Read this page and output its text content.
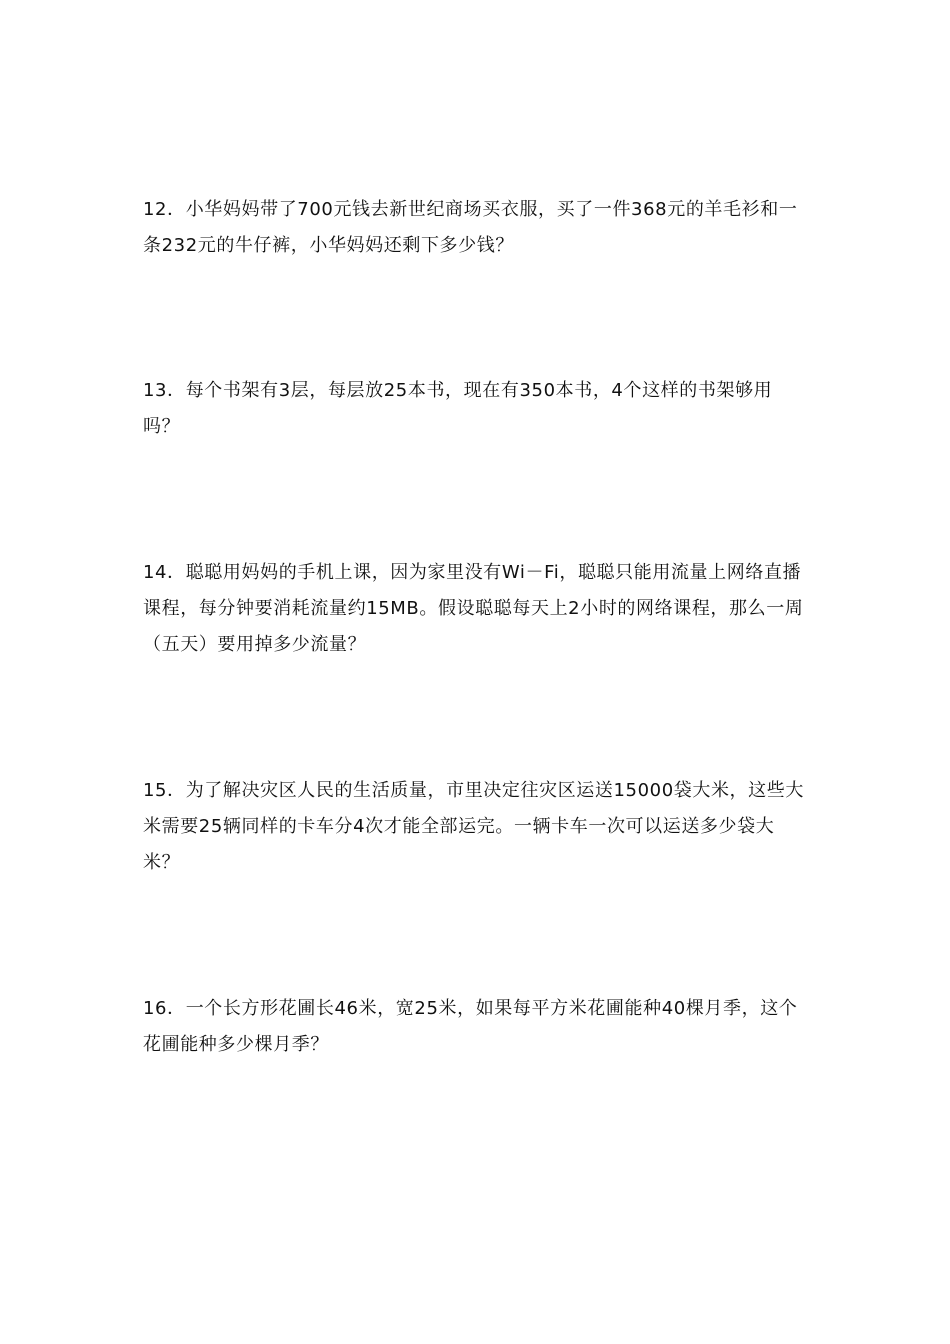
12．小华妈妈带了700元钱去新世纪商场买衣服，买了一件368元的羊毛衫和一条232元的牛仔裤，小华妈妈还剩下多少钱？

13．每个书架有3层，每层放25本书，现在有350本书，4个这样的书架够用吗？

14．聪聪用妈妈的手机上课，因为家里没有Wi－Fi，聪聪只能用流量上网络直播课程，每分钟要消耗流量约15MB。假设聪聪每天上2小时的网络课程，那么一周（五天）要用掉多少流量？

15．为了解决灾区人民的生活质量，市里决定往灾区运送15000袋大米，这些大米需要25辆同样的卡车分4次才能全部运完。一辆卡车一次可以运送多少袋大米？

16．一个长方形花圃长46米，宽25米，如果每平方米花圃能种40棵月季，这个花圃能种多少棵月季？
